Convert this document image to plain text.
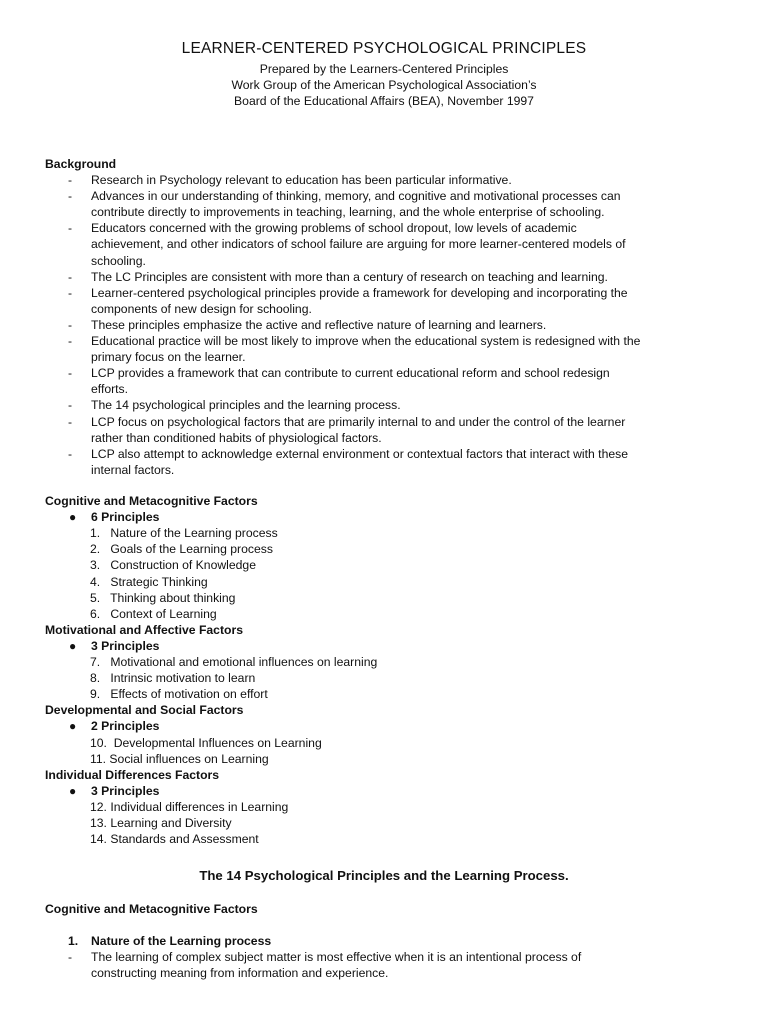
LEARNER-CENTERED PSYCHOLOGICAL PRINCIPLES
Prepared by the Learners-Centered Principles
Work Group of the American Psychological Association’s
Board of the Educational Affairs (BEA), November 1997
Background
- Research in Psychology relevant to education has been particular informative.
- Advances in our understanding of thinking, memory, and cognitive and motivational processes can
contribute directly to improvements in teaching, learning, and the whole enterprise of schooling.
- Educators concerned with the growing problems of school dropout, low levels of academic
achievement, and other indicators of school failure are arguing for more learner-centered models of
schooling.
- The LC Principles are consistent with more than a century of research on teaching and learning.
- Learner-centered psychological principles provide a framework for developing and incorporating the
components of new design for schooling.
- These principles emphasize the active and reflective nature of learning and learners.
- Educational practice will be most likely to improve when the educational system is redesigned with the
primary focus on the learner.
- LCP provides a framework that can contribute to current educational reform and school redesign
efforts.
- The 14 psychological principles and the learning process.
- LCP focus on psychological factors that are primarily internal to and under the control of the learner
rather than conditioned habits of physiological factors.
- LCP also attempt to acknowledge external environment or contextual factors that interact with these
internal factors.
Cognitive and Metacognitive Factors
● 6 Principles
1.   Nature of the Learning process
2.   Goals of the Learning process
3.   Construction of Knowledge
4.   Strategic Thinking
5.   Thinking about thinking
6.   Context of Learning
Motivational and Affective Factors
● 3 Principles
7.   Motivational and emotional influences on learning
8.   Intrinsic motivation to learn
9.   Effects of motivation on effort
Developmental and Social Factors
● 2 Principles
10.  Developmental Influences on Learning
11. Social influences on Learning
Individual Differences Factors
● 3 Principles
12. Individual differences in Learning
13. Learning and Diversity
14. Standards and Assessment
The 14 Psychological Principles and the Learning Process.
Cognitive and Metacognitive Factors
1. Nature of the Learning process
- The learning of complex subject matter is most effective when it is an intentional process of
constructing meaning from information and experience.
